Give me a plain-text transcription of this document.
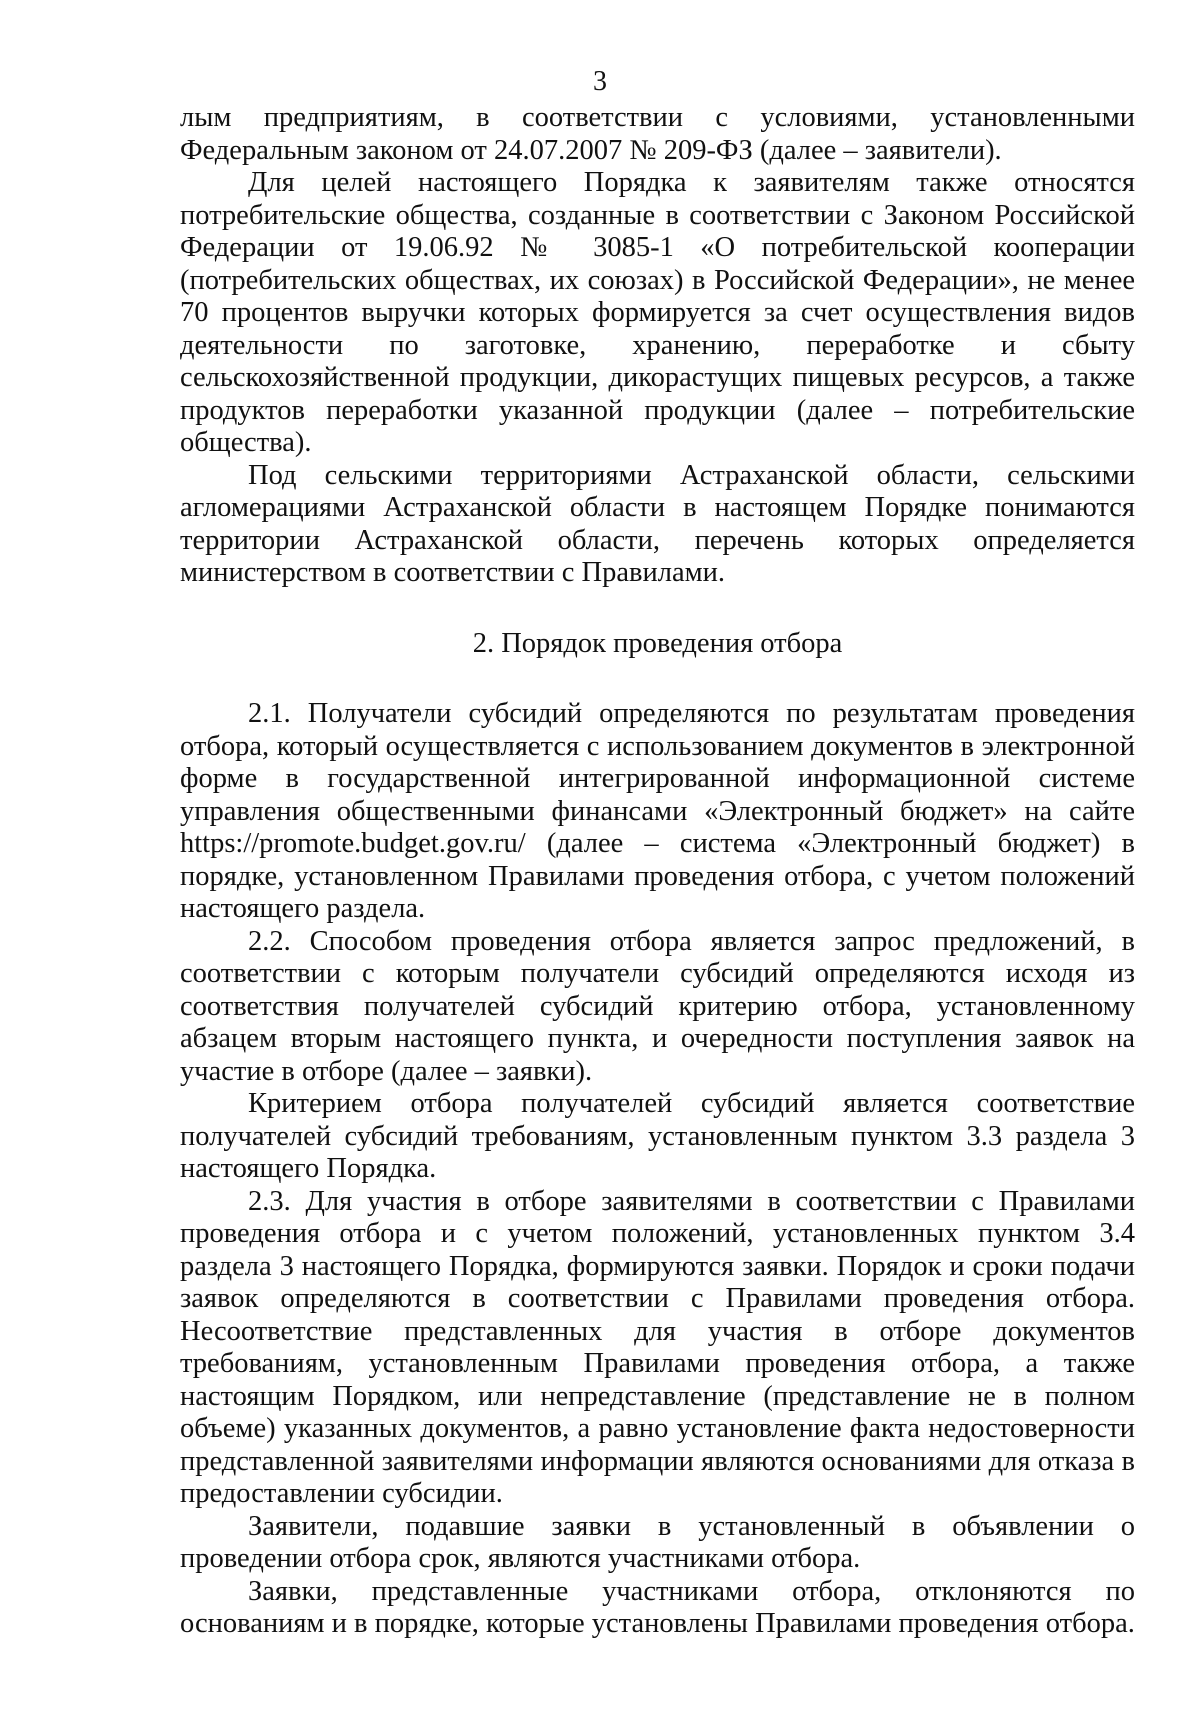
3

лым предприятиям, в соответствии с условиями, установленными Федеральным законом от 24.07.2007 № 209-ФЗ (далее – заявители).

Для целей настоящего Порядка к заявителям также относятся потребительские общества, созданные в соответствии с Законом Российской Федерации от 19.06.92 № 3085-1 «О потребительской кооперации (потребительских обществах, их союзах) в Российской Федерации», не менее 70 процентов выручки которых формируется за счет осуществления видов деятельности по заготовке, хранению, переработке и сбыту сельскохозяйственной продукции, дикорастущих пищевых ресурсов, а также продуктов переработки указанной продукции (далее – потребительские общества).

Под сельскими территориями Астраханской области, сельскими агломерациями Астраханской области в настоящем Порядке понимаются территории Астраханской области, перечень которых определяется министерством в соответствии с Правилами.

2. Порядок проведения отбора

2.1. Получатели субсидий определяются по результатам проведения отбора, который осуществляется с использованием документов в электронной форме в государственной интегрированной информационной системе управления общественными финансами «Электронный бюджет» на сайте https://promote.budget.gov.ru/ (далее – система «Электронный бюджет) в порядке, установленном Правилами проведения отбора, с учетом положений настоящего раздела.

2.2. Способом проведения отбора является запрос предложений, в соответствии с которым получатели субсидий определяются исходя из соответствия получателей субсидий критерию отбора, установленному абзацем вторым настоящего пункта, и очередности поступления заявок на участие в отборе (далее – заявки).

Критерием отбора получателей субсидий является соответствие получателей субсидий требованиям, установленным пунктом 3.3 раздела 3 настоящего Порядка.

2.3. Для участия в отборе заявителями в соответствии с Правилами проведения отбора и с учетом положений, установленных пунктом 3.4 раздела 3 настоящего Порядка, формируются заявки. Порядок и сроки подачи заявок определяются в соответствии с Правилами проведения отбора. Несоответствие представленных для участия в отборе документов требованиям, установленным Правилами проведения отбора, а также настоящим Порядком, или непредставление (представление не в полном объеме) указанных документов, а равно установление факта недостоверности представленной заявителями информации являются основаниями для отказа в предоставлении субсидии.

Заявители, подавшие заявки в установленный в объявлении о проведении отбора срок, являются участниками отбора.

Заявки, представленные участниками отбора, отклоняются по основаниям и в порядке, которые установлены Правилами проведения отбора.
